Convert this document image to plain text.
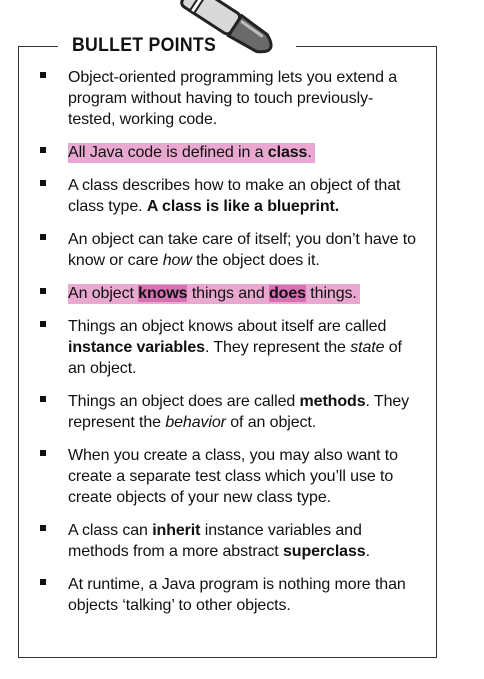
BULLET POINTS
Object-oriented programming lets you extend a program without having to touch previously-tested, working code.
All Java code is defined in a class.
A class describes how to make an object of that class type. A class is like a blueprint.
An object can take care of itself; you don’t have to know or care how the object does it.
An object knows things and does things.
Things an object knows about itself are called instance variables. They represent the state of an object.
Things an object does are called methods. They represent the behavior of an object.
When you create a class, you may also want to create a separate test class which you’ll use to create objects of your new class type.
A class can inherit instance variables and methods from a more abstract superclass.
At runtime, a Java program is nothing more than objects ‘talking’ to other objects.
